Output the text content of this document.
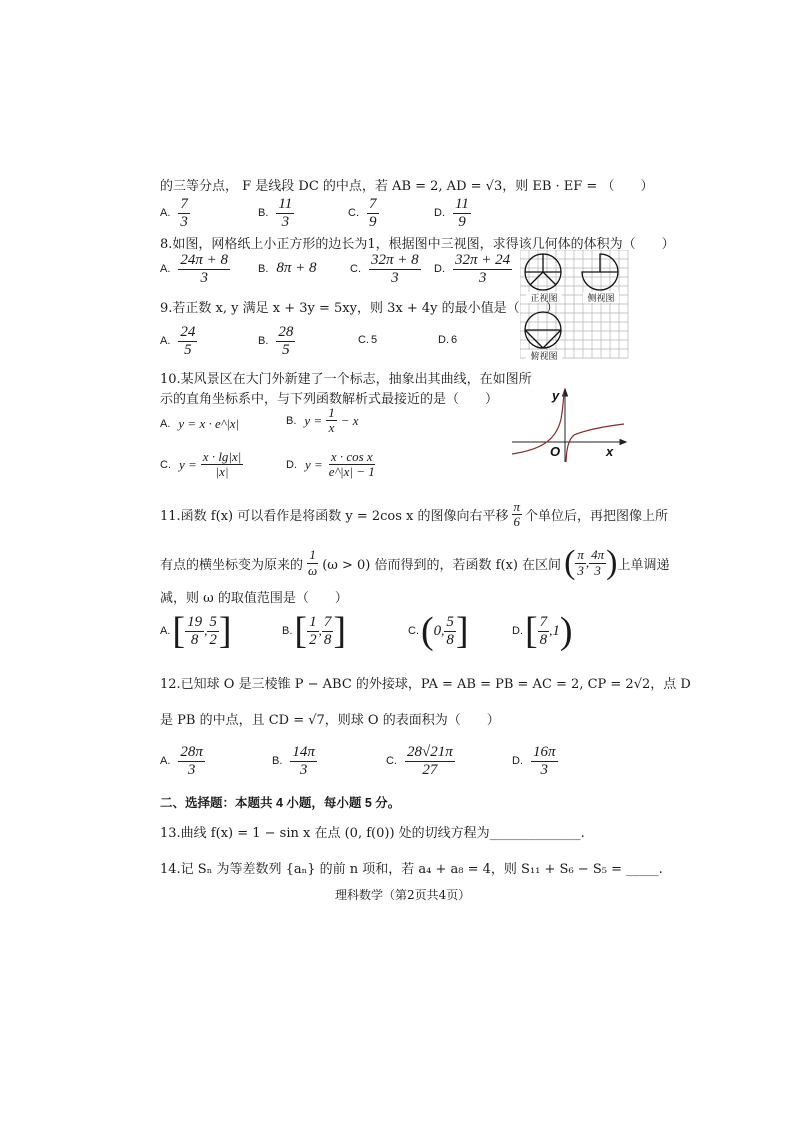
的三等分点， F 是线段 DC 的中点，若 AB = 2, AD = √3，则 EB · EF = （　　）
A. $\frac{7}{3}$	B. $\frac{11}{3}$	C. $\frac{7}{9}$	D. $\frac{11}{9}$
8.如图，网格纸上小正方形的边长为1，根据图中三视图，求得该几何体的体积为（　　）
A. $\frac{24\pi + 8}{3}$	B. 8π + 8	C. $\frac{32\pi + 8}{3} D$. $\frac{32\pi + 24}{3}$
正视图	侧视图
俯视图
9.若正数 x, y 满足 x + 3y = 5xy，则 3x + 4y 的最小值是（　　）
A. $\frac{24}{5}$	B. $\frac{28}{5}$	C. 5	D. 6
10.某风景区在大门外新建了一个标志，抽象出其曲线，在如图所
示的直角坐标系中，与下列函数解析式最接近的是（　　）
A. y = x · e^|x|	B. $y = \frac{1}{x} - x$
C. $y = \frac{x \cdot \lg|x|}{|x|}$	D. $y = \frac{\text{x · cos x}}{e\^{}|x| - 1}$
y
x
O
11.函数 f(x) 可以看作是将函数 y = 2cos x 的图像向右平移 $\frac{\pi}{6}$ 个单位后，再把图像上所
有点的横坐标变为原来的 $\frac{1}{\omega} (\omega > 0)$ 倍而得到的，若函数 f(x) 在区间 ( $\frac{\pi}{3}$ , $\frac{4\pi}{3}$ ) 上单调递
减，则 ω 的取值范围是（　　）
A. [ $\frac{19}{8}$ , $\frac{5}{2}$ ]	B. [ $\frac{1}{2}$ , $\frac{7}{8}$ ]	C. ( 0 , $\frac{5}{8}$ ]	D. [ $\frac{7}{8}$ , 1 )
12.已知球 O 是三棱锥 P − ABC 的外接球，PA = AB = PB = AC = 2, CP = 2√2，点 D
是 PB 的中点，且 CD = √7，则球 O 的表面积为（　　）
A. $\frac{28\pi}{3}$	B. $\frac{14\pi}{3}$	C. $\frac{28√21\pi}{27}$	D. $\frac{16\pi}{3}$
二、选择题：本题共 4 小题，每小题 5 分。
13.曲线 f(x) = 1 − sin x 在点 (0, f(0)) 处的切线方程为______________.
14.记 Sₙ 为等差数列 {aₙ} 的前 n 项和，若 a₄ + a₈ = 4，则 S₁₁ + S₆ − S₅ = _____.
理科数学（第2页共4页）
